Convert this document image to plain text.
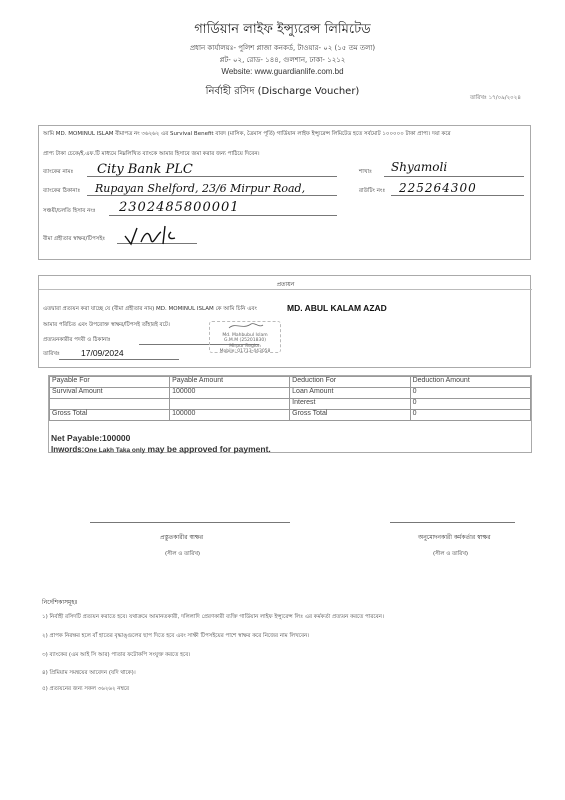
গার্ডিয়ান লাইফ ইন্স্যুরেন্স লিমিটেড
প্রধান কার্যালয়ঃ- পুলিশ প্লাজা কনকর্ড, টাওয়ার- ০২ (১৫ তম তলা)
প্লট- ০২, রোড- ১৪৪, গুলশান, ঢাকা- ১২১২
Website: www.guardianlife.com.bd
নির্বাহী রসিদ (Discharge Voucher)
তারিখঃ ১৭/০৯/২০২৪
আমি MD. MOMINUL ISLAM বীমাপত্র নং ৩৬২৬২ এর Survival Benefit বাবদ (মাসিক, ত্রৈমাস পূর্তি) গার্ডিয়ান লাইফ ইন্স্যুরেন্স লিমিটেড হতে সর্বমোট ১০০০০০ টাকা প্রাপ্য। দয়া করে
প্রাপ্য টাকা চেকে/ই.এফ.টি মাধ্যমে নিম্নলিখিত ব্যাংকে আমার হিসাবে জমা করার জন্য পাঠিয়ে দিবেন।
ব্যাংকের নামঃ City Bank PLC	শাখাঃ Shyamoli
ব্যাংকের ঠিকানাঃ Rupayan Shelford, 23/6 Mirpur Road,	রাউটিং নংঃ 225264300
সঞ্চয়ী/চলতি হিসাব নংঃ 2302485800001
বীমা গ্রহীতার স্বাক্ষর/টিপসইঃ
প্রত্যয়ন
এতদ্বারা প্রত্যয়ন করা যাচ্ছে যে (বীমা গ্রহীতার নাম) MD. MOMINUL ISLAM কে আমি চিনি এবং	MD. ABUL KALAM AZAD
আমার পরিচিত এবং উপরোক্ত স্বাক্ষর/টিপসই তাঁহারই বটে।
প্রত্যয়নকারীর পদবী ও ঠিকানাঃ
তারিখঃ 17/09/2024
Md. Mahbubul Islam
G.M.M (25201830)
Mirpur Region
Mobile: 01713-443058
Payable For	Payable Amount	Deduction For	Deduction Amount
Survival Amount	100000	Loan Amount	0
		Interest	0
Gross Total	100000	Gross Total	0
Net Payable:100000
Inwords:One Lakh Taka only may be approved for payment.
প্রস্তুতকারীর স্বাক্ষর	অনুমোদনকারী কর্মকর্তার স্বাক্ষর
(সীল ও তারিখ)	(সীল ও তারিখ)
নির্দেশিকাসমূহঃ
১) নির্বাহী রসিদটি প্রত্যয়ন করাতে হবে। যথাক্রমে আমানতকারী, দলিলাদি প্রেরণকারী ব্যক্তি গার্ডিয়ান লাইফ ইন্স্যুরেন্স লিঃ এর কর্মকর্তা প্রত্যয়ন করতে পারবেন।
২) প্রাপক নিরক্ষর হলে বাঁ হাতের বৃদ্ধাঙ্গুলের ছাপ দিতে হবে এবং সাক্ষী টিপসইয়ের পাশে স্বাক্ষর করে নিজের নাম লিখবেন।
৩) ব্যাংকের (এম আই সি আর) পাতার ফটোকপি সংযুক্ত করতে হবে।
৪) প্রিমিয়াম সমন্বয়ের আবেদন (যদি থাকে)।
৫) প্রত্যয়নের জন্য সকল ৩৬২৬২ নম্বরে
